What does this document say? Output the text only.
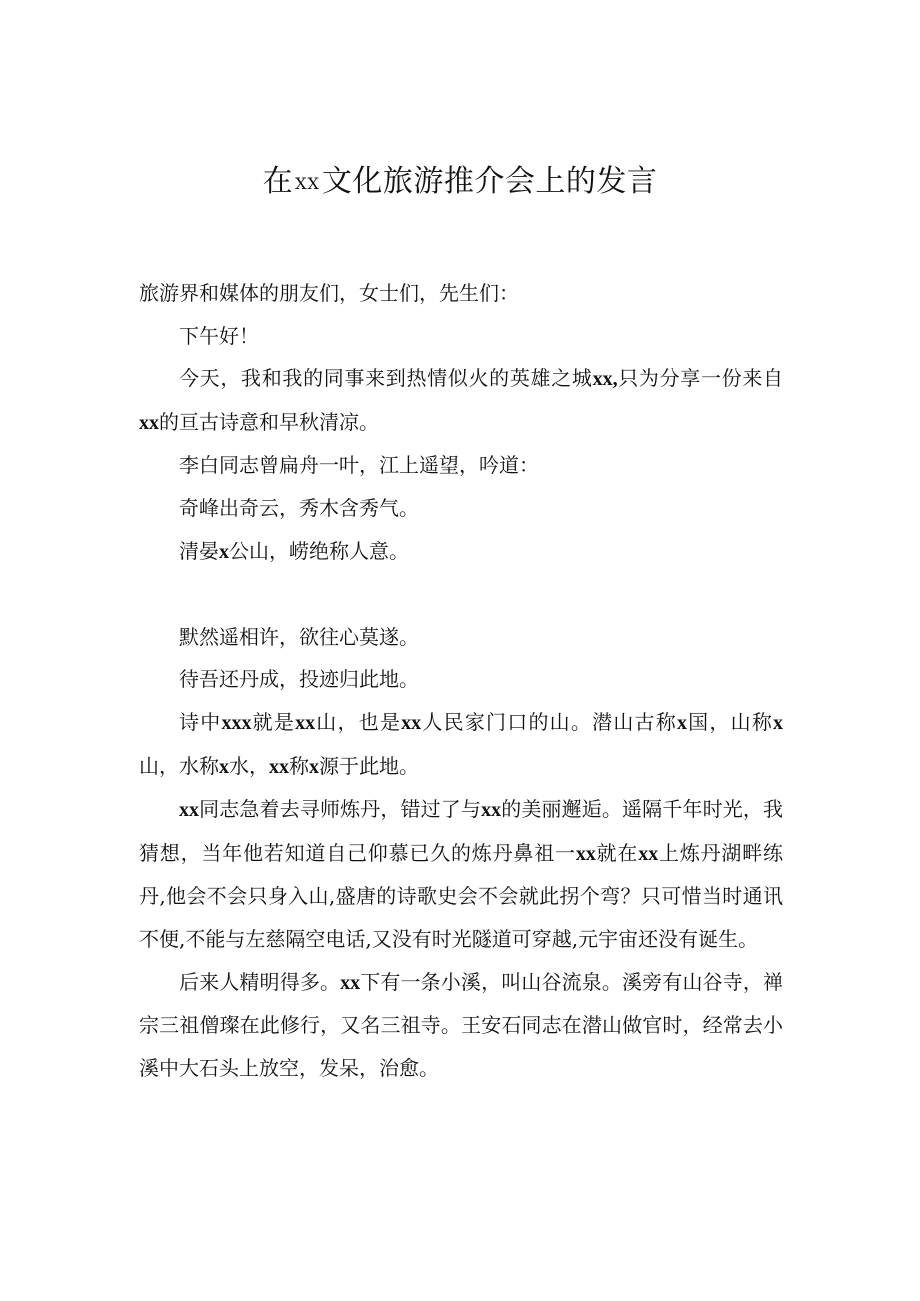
在XX文化旅游推介会上的发言

旅游界和媒体的朋友们，女士们，先生们：

下午好！

今天，我和我的同事来到热情似火的英雄之城xx,只为分享一份来自xx的亘古诗意和早秋清凉。

李白同志曾扁舟一叶，江上遥望，吟道：

奇峰出奇云，秀木含秀气。

清晏x公山，崂绝称人意。

默然遥相许，欲往心莫遂。

待吾还丹成，投迹归此地。

诗中xxx就是xx山，也是xx人民家门口的山。潜山古称x国，山称x山，水称x水，xx称x源于此地。

xx同志急着去寻师炼丹，错过了与xx的美丽邂逅。遥隔千年时光，我猜想，当年他若知道自己仰慕已久的炼丹鼻祖一xx就在xx上炼丹湖畔练丹,他会不会只身入山,盛唐的诗歌史会不会就此拐个弯？只可惜当时通讯不便,不能与左慈隔空电话,又没有时光隧道可穿越,元宇宙还没有诞生。

后来人精明得多。xx下有一条小溪，叫山谷流泉。溪旁有山谷寺，禅宗三祖僧璨在此修行，又名三祖寺。王安石同志在潜山做官时，经常去小溪中大石头上放空，发呆，治愈。
